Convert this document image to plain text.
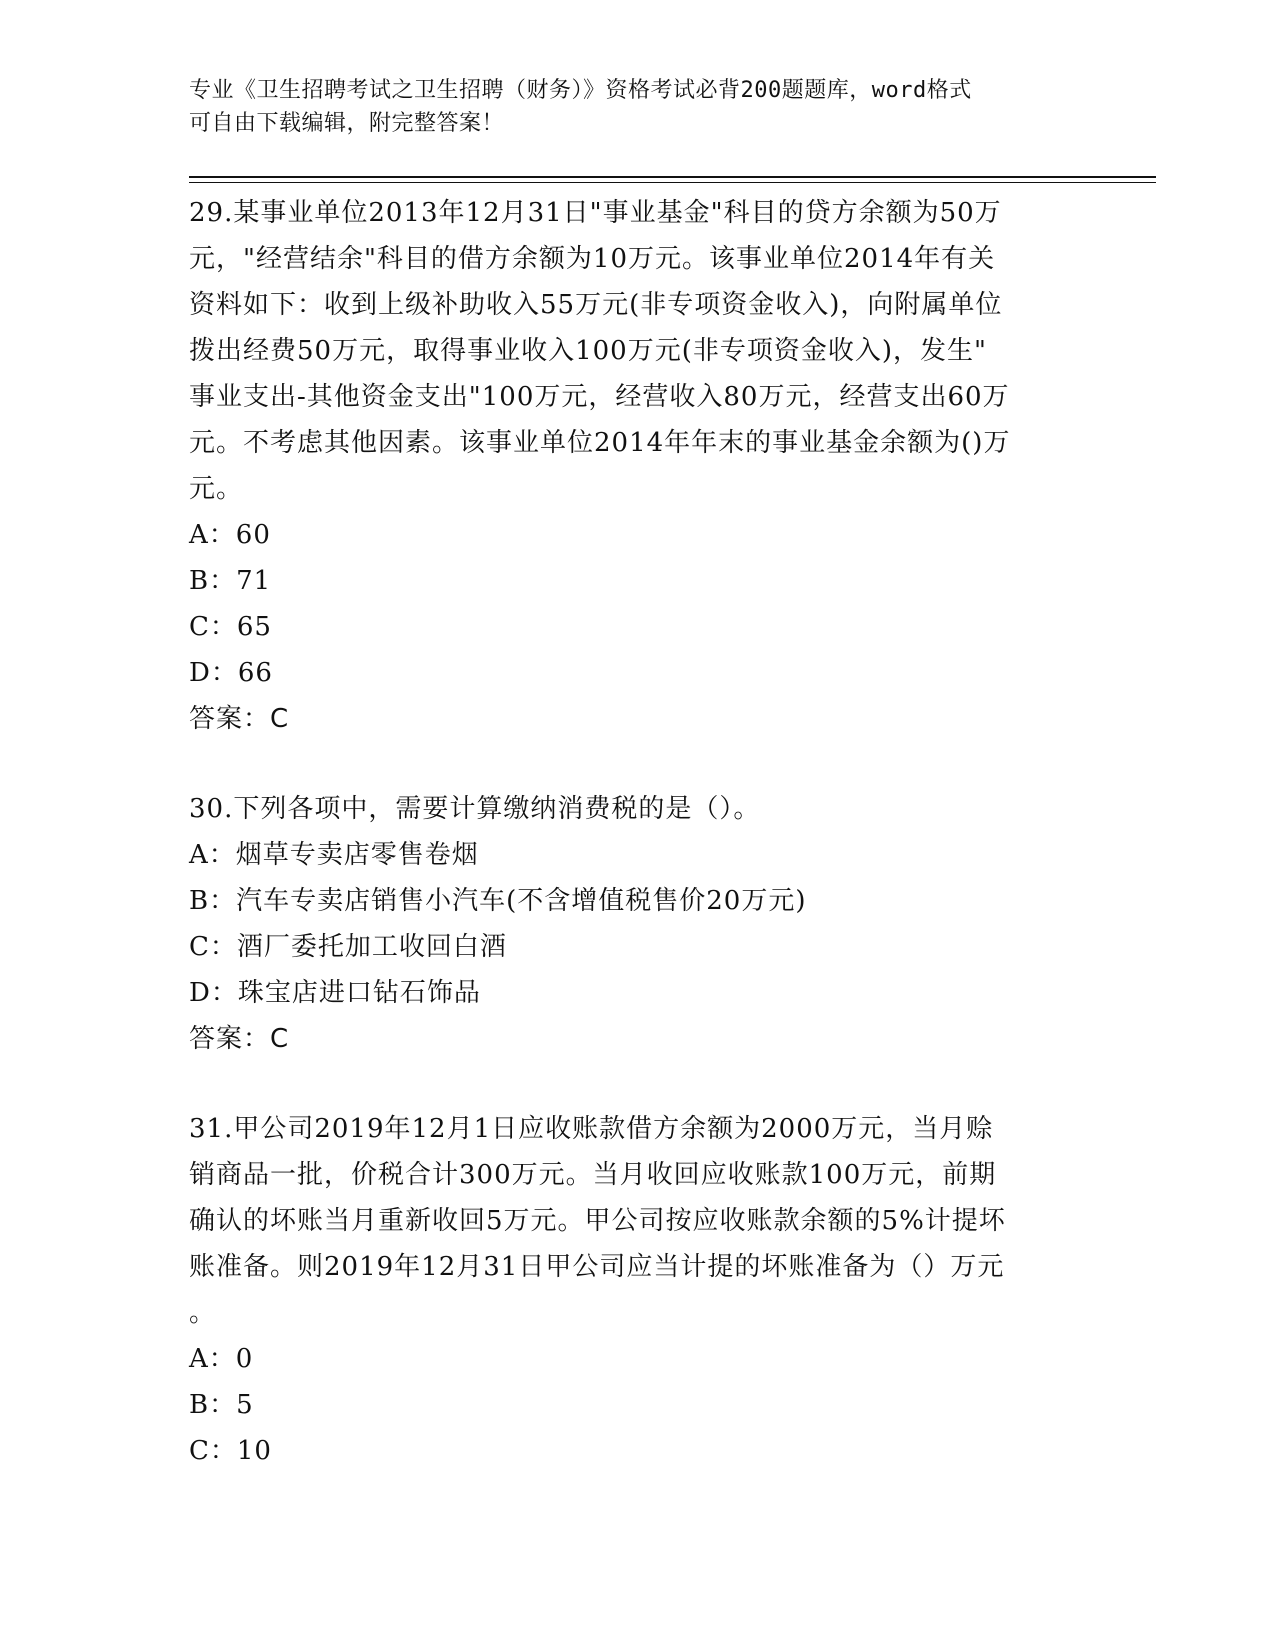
专业《卫生招聘考试之卫生招聘（财务）》资格考试必背200题题库，word格式
可自由下载编辑，附完整答案！
29.某事业单位2013年12月31日"事业基金"科目的贷方余额为50万
元，"经营结余"科目的借方余额为10万元。该事业单位2014年有关
资料如下：收到上级补助收入55万元(非专项资金收入)，向附属单位
拨出经费50万元，取得事业收入100万元(非专项资金收入)，发生"
事业支出-其他资金支出"100万元，经营收入80万元，经营支出60万
元。不考虑其他因素。该事业单位2014年年末的事业基金余额为()万
元。
A：60
B：71
C：65
D：66
答案：C
30.下列各项中，需要计算缴纳消费税的是（）。
A：烟草专卖店零售卷烟
B：汽车专卖店销售小汽车(不含增值税售价20万元)
C：酒厂委托加工收回白酒
D：珠宝店进口钻石饰品
答案：C
31.甲公司2019年12月1日应收账款借方余额为2000万元，当月赊
销商品一批，价税合计300万元。当月收回应收账款100万元，前期
确认的坏账当月重新收回5万元。甲公司按应收账款余额的5%计提坏
账准备。则2019年12月31日甲公司应当计提的坏账准备为（）万元
。
A：0
B：5
C：10
